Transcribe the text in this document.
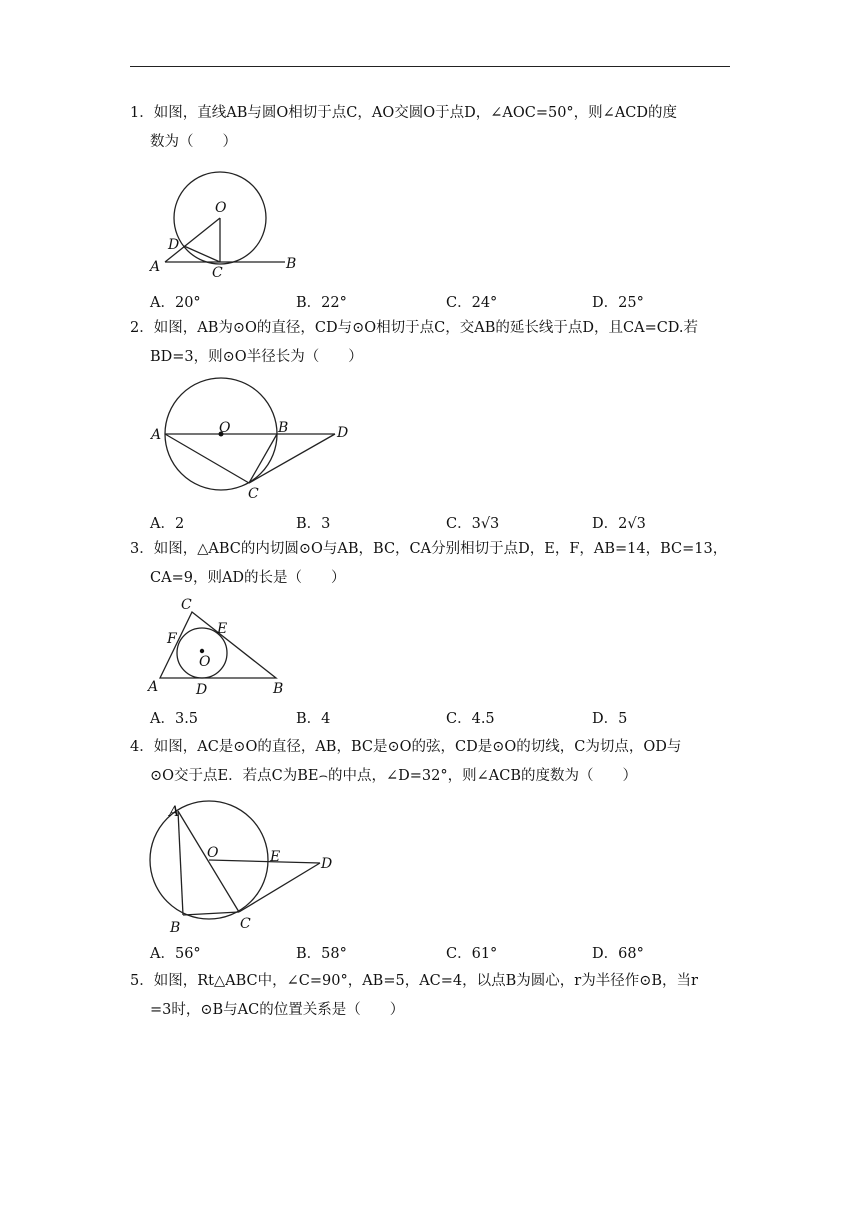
1．如图，直线AB与圆O相切于点C，AO交圆O于点D，∠AOC=50°，则∠ACD的度
数为（　　）
O
D
A	C
B
A．20°	B．22°	C．24°	D．25°
2．如图，AB为⊙O的直径，CD与⊙O相切于点C，交AB的延长线于点D，且CA=CD.若
BD=3，则⊙O半径长为（　　）
A	O	B	D
C
A．2	B．3	C．3√3	D．2√3
3．如图，△ABC的内切圆⊙O与AB，BC，CA分别相切于点D，E，F，AB=14，BC=13，
CA=9，则AD的长是（　　）
C
F
E
O
A	D	B
A．3.5	B．4	C．4.5	D．5
4．如图，AC是⊙O的直径，AB，BC是⊙O的弦，CD是⊙O的切线，C为切点，OD与
⊙O交于点E．若点C为BE⌢的中点，∠D=32°，则∠ACB的度数为（　　）
A
O	E	D
B	C
A．56°	B．58°	C．61°	D．68°
5．如图，Rt△ABC中，∠C=90°，AB=5，AC=4，以点B为圆心，r为半径作⊙B，当r
=3时，⊙B与AC的位置关系是（　　）
